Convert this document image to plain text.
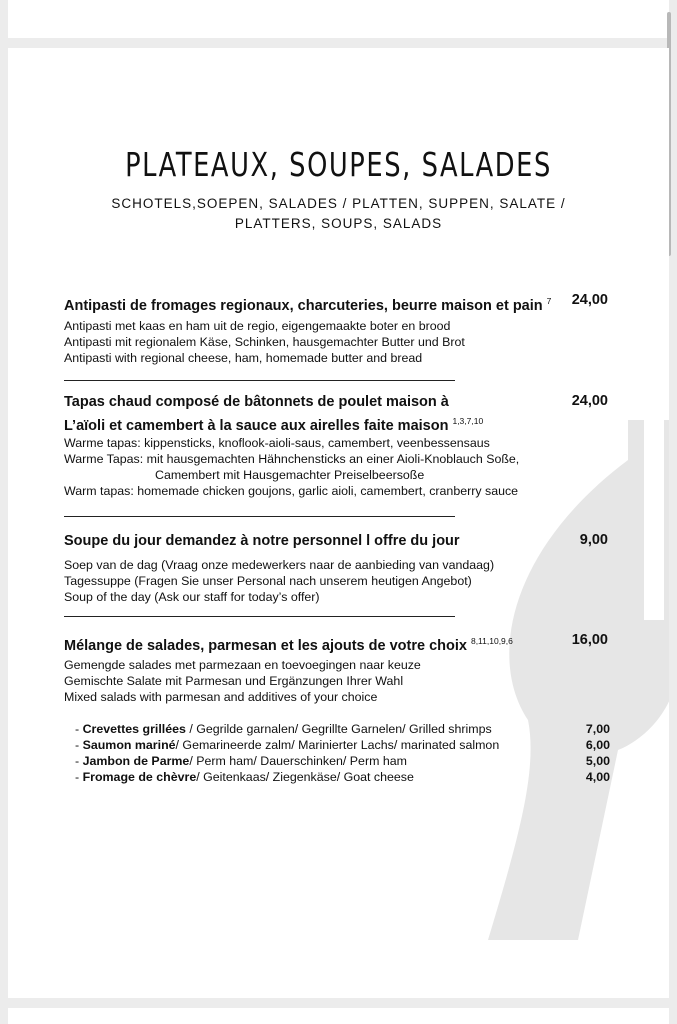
PLATEAUX, SOUPES, SALADES
SCHOTELS,SOEPEN, SALADES / PLATTEN, SUPPEN, SALATE /
PLATTERS, SOUPS, SALADS
Antipasti de fromages regionaux, charcuteries, beurre maison et pain $^7$ 24,00
Antipasti met kaas en ham uit de regio, eigengemaakte boter en brood
Antipasti mit regionalem Käse, Schinken, hausgemachter Butter und Brot
Antipasti with regional cheese, ham, homemade butter and bread
Tapas chaud composé de bâtonnets de poulet maison à
L’aïoli et camembert à la sauce aux airelles faite maison $^{1,3,7,10}$
24,00
Warme tapas: kippensticks, knoflook-aioli-saus, camembert, veenbessensaus
Warme Tapas: mit hausgemachten Hähnchensticks an einer Aioli-Knoblauch Soße,
Camembert mit Hausgemachter Preiselbeersoße
Warm tapas: homemade chicken goujons, garlic aioli, camembert, cranberry sauce
Soupe du jour demandez à notre personnel l offre du jour	9,00
Soep van de dag (Vraag onze medewerkers naar de aanbieding van vandaag)
Tagessuppe (Fragen Sie unser Personal nach unserem heutigen Angebot)
Soup of the day (Ask our staff for today’s offer)
Mélange de salades, parmesan et les ajouts de votre choix $^{8,11,10,9,6}$	16,00
Gemengde salades met parmezaan en toevoegingen naar keuze
Gemischte Salate mit Parmesan und Ergänzungen Ihrer Wahl
Mixed salads with parmesan and additives of your choice
- Crevettes grillées / Gegrilde garnalen/ Gegrillte Garnelen/ Grilled shrimps	7,00
- Saumon mariné/ Gemarineerde zalm/ Marinierter Lachs/ marinated salmon	6,00
- Jambon de Parme/ Perm ham/ Dauerschinken/ Perm ham	5,00
- Fromage de chèvre/ Geitenkaas/ Ziegenkäse/ Goat cheese	4,00
